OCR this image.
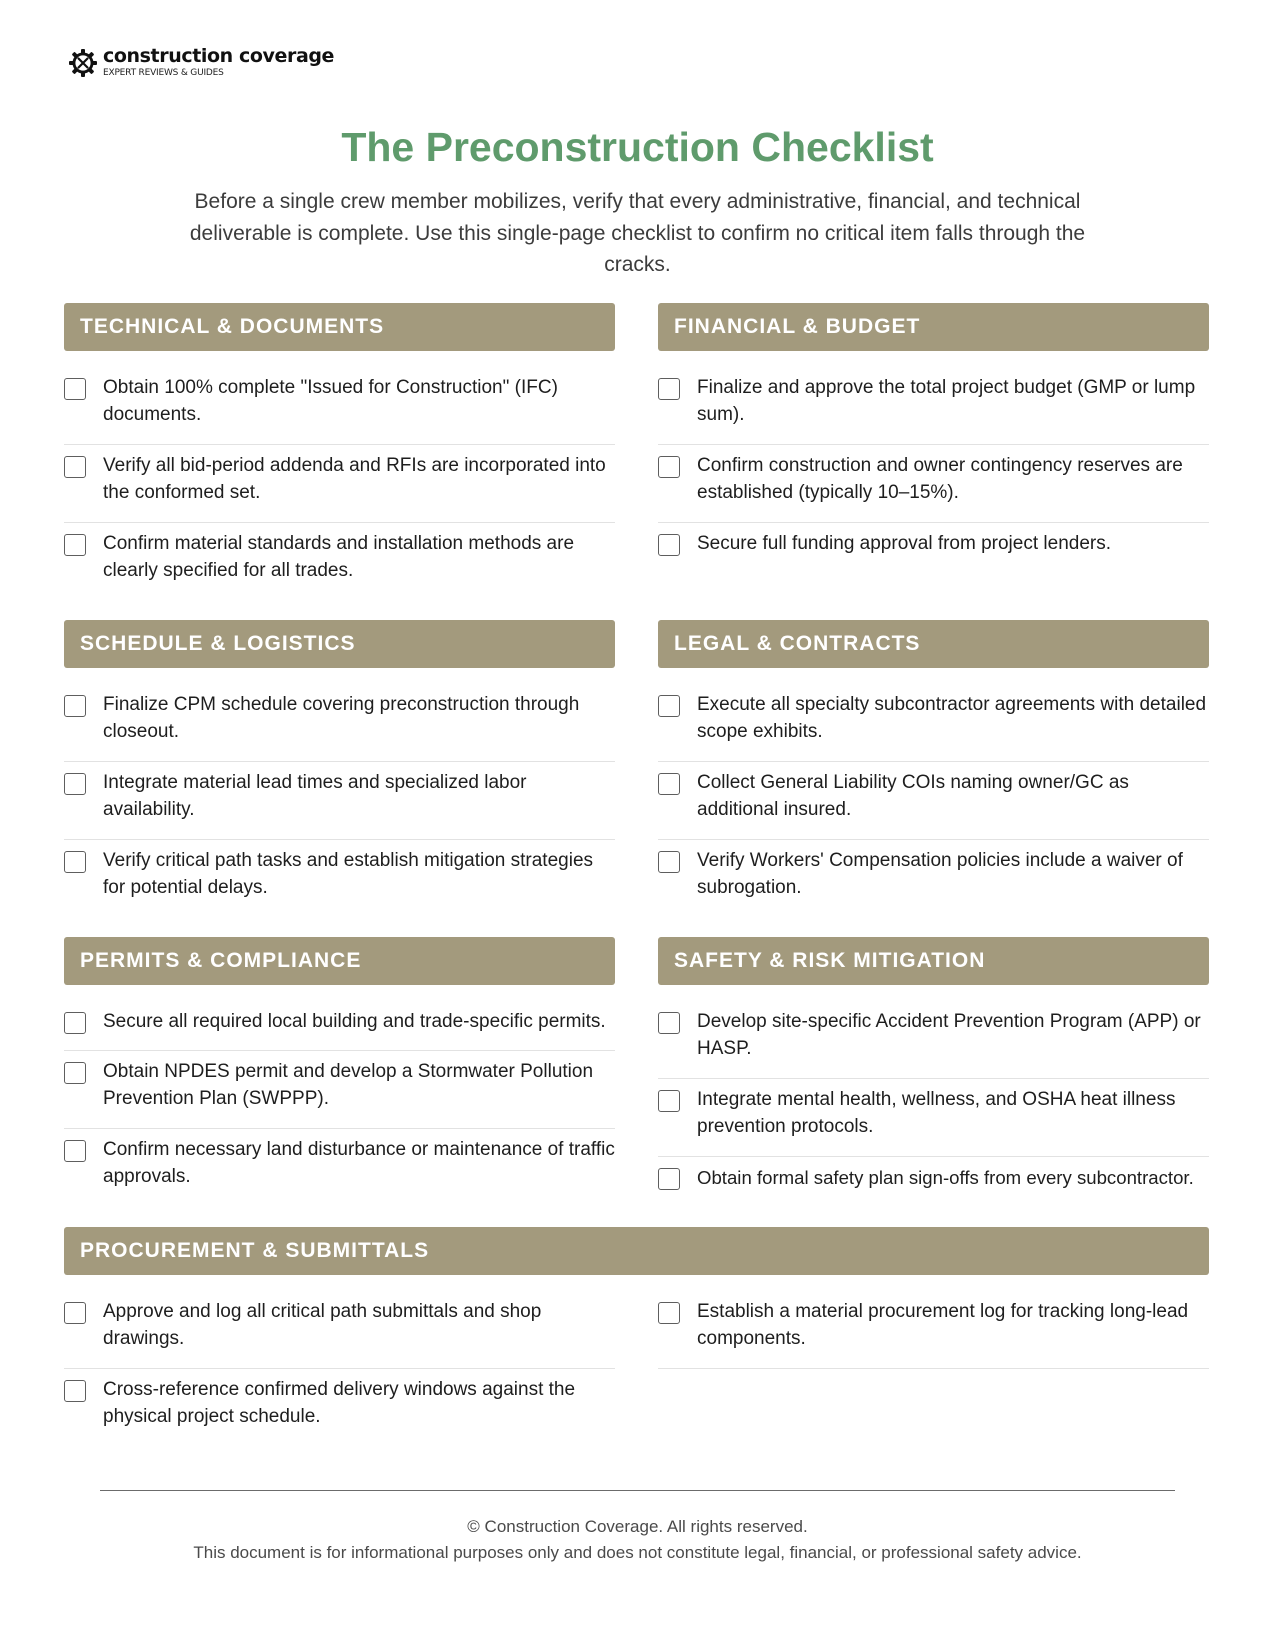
construction coverage
EXPERT REVIEWS & GUIDES
The Preconstruction Checklist

Before a single crew member mobilizes, verify that every administrative, financial, and technical deliverable is complete. Use this single-page checklist to confirm no critical item falls through the cracks.

TECHNICAL & DOCUMENTS
Obtain 100% complete "Issued for Construction" (IFC) documents.
Verify all bid-period addenda and RFIs are incorporated into the conformed set.
Confirm material standards and installation methods are clearly specified for all trades.
FINANCIAL & BUDGET
Finalize and approve the total project budget (GMP or lump sum).
Confirm construction and owner contingency reserves are established (typically 10–15%).
Secure full funding approval from project lenders.
SCHEDULE & LOGISTICS
Finalize CPM schedule covering preconstruction through closeout.
Integrate material lead times and specialized labor availability.
Verify critical path tasks and establish mitigation strategies for potential delays.
LEGAL & CONTRACTS
Execute all specialty subcontractor agreements with detailed scope exhibits.
Collect General Liability COIs naming owner/GC as additional insured.
Verify Workers' Compensation policies include a waiver of subrogation.
PERMITS & COMPLIANCE
Secure all required local building and trade-specific permits.
Obtain NPDES permit and develop a Stormwater Pollution Prevention Plan (SWPPP).
Confirm necessary land disturbance or maintenance of traffic approvals.
SAFETY & RISK MITIGATION
Develop site-specific Accident Prevention Program (APP) or HASP.
Integrate mental health, wellness, and OSHA heat illness prevention protocols.
Obtain formal safety plan sign-offs from every subcontractor.
PROCUREMENT & SUBMITTALS
Approve and log all critical path submittals and shop drawings.
Cross-reference confirmed delivery windows against the physical project schedule.
Establish a material procurement log for tracking long-lead components.
© Construction Coverage. All rights reserved.
This document is for informational purposes only and does not constitute legal, financial, or professional safety advice.
